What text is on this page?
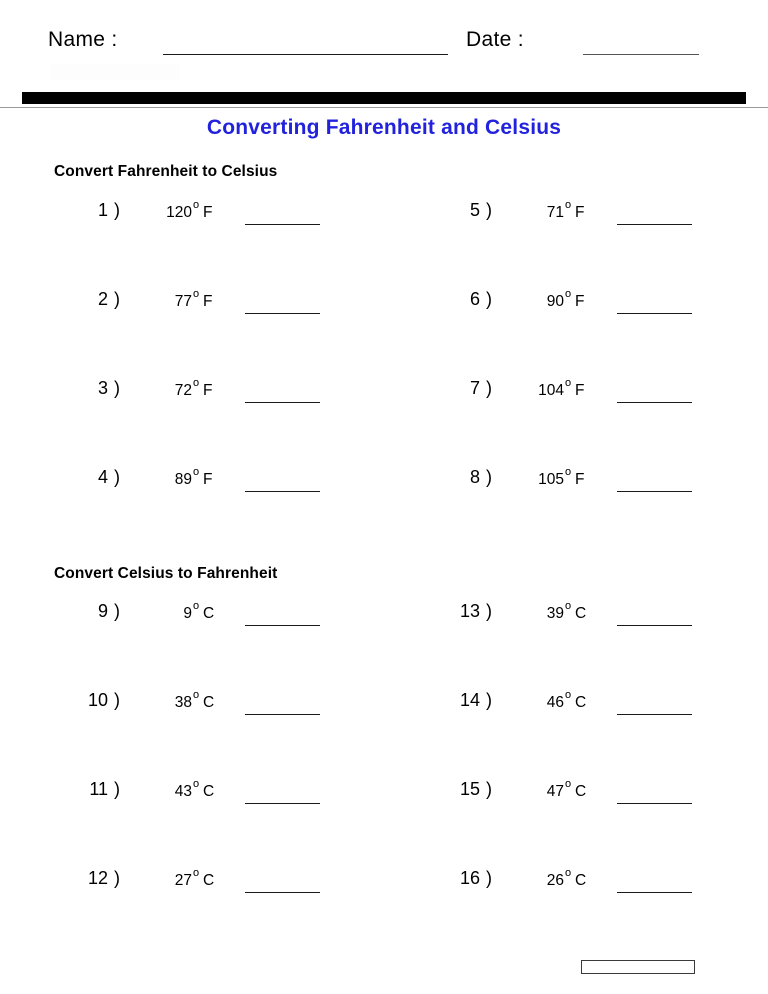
Name :	Date :
Converting Fahrenheit and Celsius
Convert Fahrenheit to Celsius
Convert Celsius to Fahrenheit
1 )	120 o F
2 )	77 o F
3 )	72 o F
4 )	89 o F
5 )	71 o F
6 )	90 o F
7 )	104 o F
8 )	105 o F
9 )	9 o C
10 )	38 o C
11 )	43 o C
12 )	27 o C
13 )	39 o C
14 )	46 o C
15 )	47 o C
16 )	26 o C
